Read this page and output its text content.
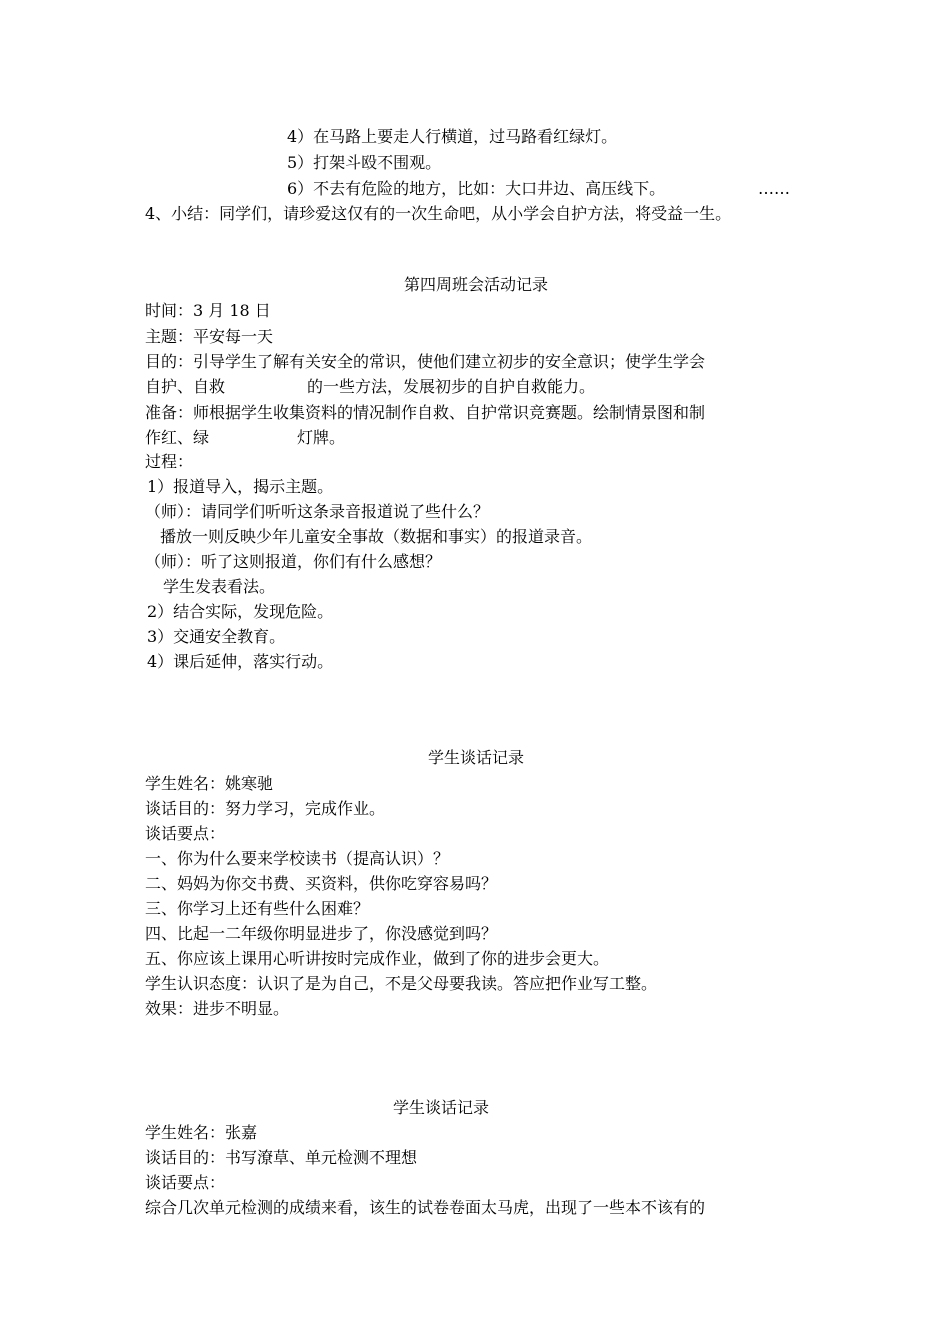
4）在马路上要走人行横道，过马路看红绿灯。
5）打架斗殴不围观。
6）不去有危险的地方，比如：大口井边、高压线下。	……
4、小结：同学们，请珍爱这仅有的一次生命吧，从小学会自护方法，将受益一生。
第四周班会活动记录
时间：3 月 18 日
主题：平安每一天
目的：引导学生了解有关安全的常识，使他们建立初步的安全意识；使学生学会
自护、自救	的一些方法，发展初步的自护自救能力。
准备：师根据学生收集资料的情况制作自救、自护常识竞赛题。绘制情景图和制
作红、绿	灯牌。
过程：
1）报道导入，揭示主题。
（师）：请同学们听听这条录音报道说了些什么？
播放一则反映少年儿童安全事故（数据和事实）的报道录音。
（师）：听了这则报道，你们有什么感想？
学生发表看法。
2）结合实际，发现危险。
3）交通安全教育。
4）课后延伸，落实行动。
学生谈话记录
学生姓名：姚寒驰
谈话目的：努力学习，完成作业。
谈话要点：
一、你为什么要来学校读书（提高认识）？
二、妈妈为你交书费、买资料，供你吃穿容易吗？
三、你学习上还有些什么困难？
四、比起一二年级你明显进步了，你没感觉到吗？
五、你应该上课用心听讲按时完成作业，做到了你的进步会更大。
学生认识态度：认识了是为自己，不是父母要我读。答应把作业写工整。
效果：进步不明显。
学生谈话记录
学生姓名：张嘉
谈话目的：书写潦草、单元检测不理想
谈话要点：
综合几次单元检测的成绩来看，该生的试卷卷面太马虎，出现了一些本不该有的
